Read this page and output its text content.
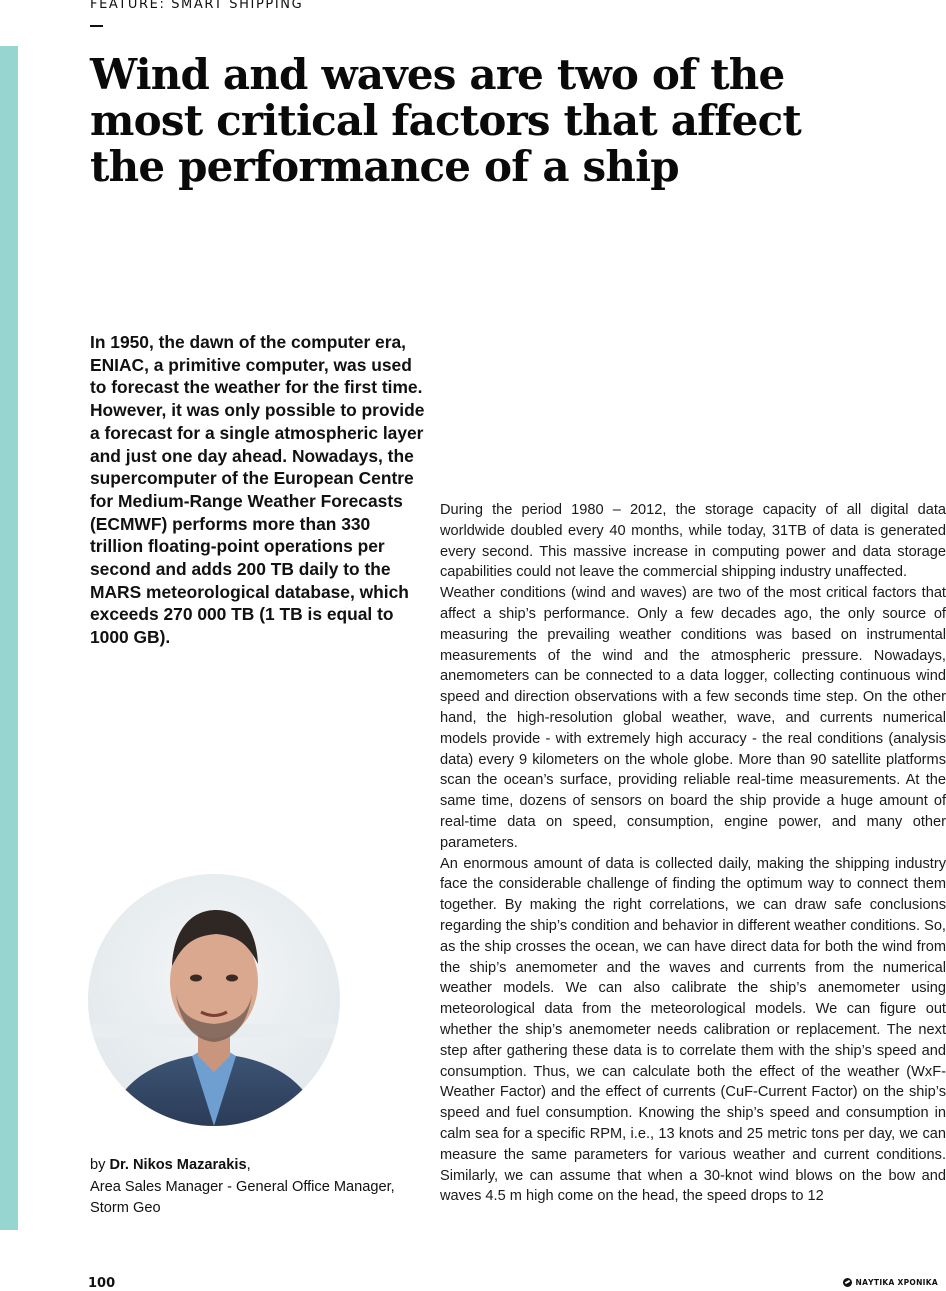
FEATURE: SMART SHIPPING
Wind and waves are two of the most critical factors that affect the performance of a ship

In 1950, the dawn of the computer era, ENIAC, a primitive computer, was used to forecast the weather for the first time. However, it was only possible to provide a forecast for a single atmospheric layer and just one day ahead. Nowadays, the supercomputer of the European Centre for Medium-Range Weather Forecasts (ECMWF) performs more than 330 trillion floating-point operations per second and adds 200 TB daily to the MARS meteorological database, which exceeds 270 000 TB (1 TB is equal to 1000 GB).

During the period 1980 – 2012, the storage capacity of all digital data worldwide doubled every 40 months, while today, 31TB of data is generated every second. This massive increase in computing power and data storage capabilities could not leave the commercial shipping industry unaffected.

Weather conditions (wind and waves) are two of the most critical factors that affect a ship’s performance. Only a few decades ago, the only source of measuring the prevailing weather conditions was based on instrumental measurements of the wind and the atmospheric pressure. Nowadays, anemometers can be connected to a data logger, collecting continuous wind speed and direction observations with a few seconds time step. On the other hand, the high-resolution global weather, wave, and currents numerical models provide - with extremely high accuracy - the real conditions (analysis data) every 9 kilometers on the whole globe. More than 90 satellite platforms scan the ocean’s surface, providing reliable real-time measurements. At the same time, dozens of sensors on board the ship provide a huge amount of real-time data on speed, consumption, engine power, and many other parameters.

An enormous amount of data is collected daily, making the shipping industry face the considerable challenge of finding the optimum way to connect them together. By making the right correlations, we can draw safe conclusions regarding the ship’s condition and behavior in different weather conditions. So, as the ship crosses the ocean, we can have direct data for both the wind from the ship’s anemometer and the waves and currents from the numerical weather models. We can also calibrate the ship’s anemometer using meteorological data from the meteorological models. We can figure out whether the ship’s anemometer needs calibration or replacement. The next step after gathering these data is to correlate them with the ship’s speed and consumption. Thus, we can calculate both the effect of the weather (WxF-Weather Factor) and the effect of currents (CuF-Current Factor) on the ship’s speed and fuel consumption. Knowing the ship’s speed and consumption in calm sea for a specific RPM, i.e., 13 knots and 25 metric tons per day, we can measure the same parameters for various weather and current conditions. Similarly, we can assume that when a 30-knot wind blows on the bow and waves 4.5 m high come on the head, the speed drops to 12

by Dr. Nikos Mazarakis,
Area Sales Manager - General Office Manager,
Storm Geo
100	ΝΑΥΤΙΚΑ ΧΡΟΝΙΚΑ
